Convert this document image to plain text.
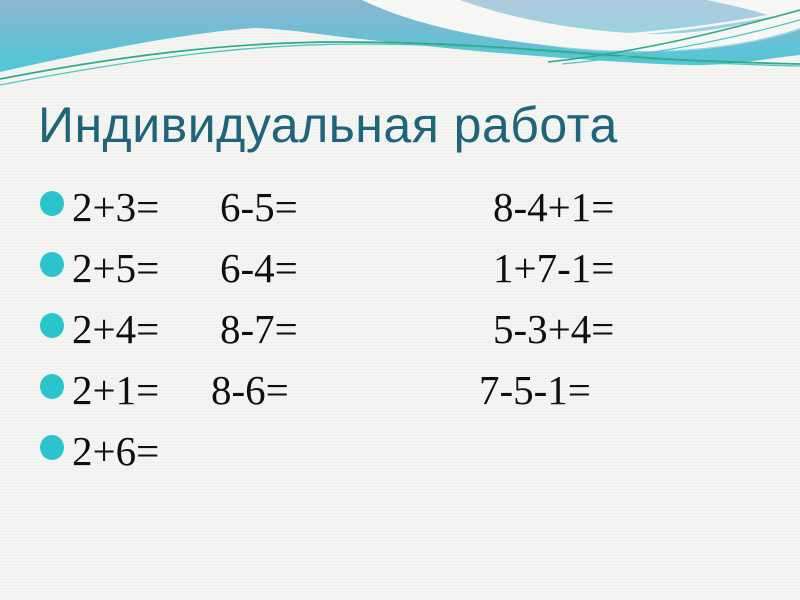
Индивидуальная работа
2+3=	6-5=	8-4+1=
2+5=	6-4=	1+7-1=
2+4=	8-7=	5-3+4=
2+1=	8-6=	7-5-1=
2+6=
